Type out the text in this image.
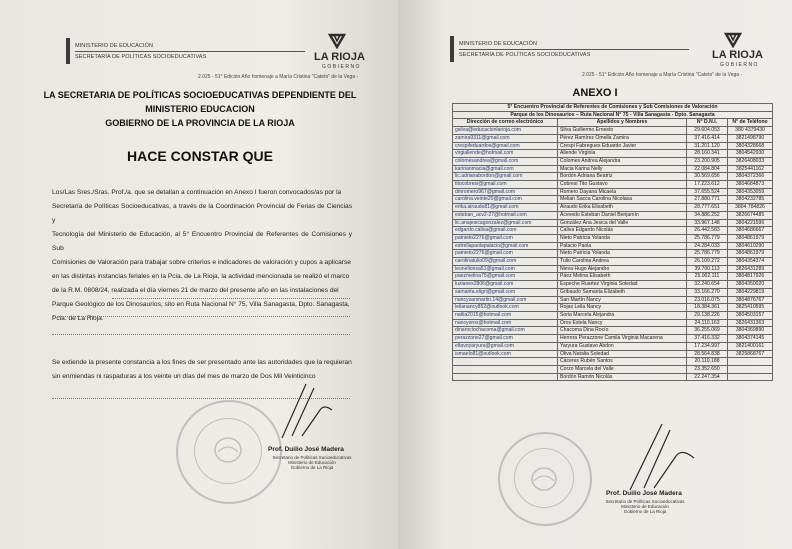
MINISTERIO DE EDUCACIÓN
SECRETARÍA DE POLÍTICAS SOCIOEDUCATIVAS	LA RIOJA
GOBIERNO
2.025 - 51° Edición Año homenaje a María Cristina "Cateto" de la Vega -
LA SECRETARIA DE POLÍTICAS SOCIOEDUCATIVAS DEPENDIENTE DEL
MINISTERIO EDUCACION
GOBIERNO DE LA PROVINCIA DE LA RIOJA
HACE CONSTAR QUE
Los/Las Sres./Sras. Prof./a. que se detallan a continuación en Anexo I fueron convocados/as por la
Secretaría de Políticas Socioeducativas, a través de la Coordinación Provincial de Ferias de Ciencias y
Tecnología del Ministerio de Educación, al 5° Encuentro Provincial de Referentes de Comisiones y Sub
Comisiones de Valoración para trabajar sobre criterios e indicadores de valoración y cupos a aplicarse
en las distintas instancias feriales en la Pcia. de La Rioja, la actividad mencionada se realizó el marco
de la R.M. 0808/24, realizada el día viernes 21 de marzo del presente año en las instalaciones del
Parque Geológico de los Dinosaurios, sito en Ruta Nacional N° 75, Villa Sanagasta, Dpto. Sanagasta,
Pcia. de La Rioja.
Se extiende la presente constancia a los fines de ser presentado ante las autoridades que la requieran
sin enmiendas ni raspaduras a los veinte un días del mes de marzo de Dos Mil Veinticinco
Prof. Duilio José Madera
Secretario de Políticas Socioeducativas
Ministerio de Educación
Gobierno de La Rioja
MINISTERIO DE EDUCACIÓN
SECRETARÍA DE POLÍTICAS SOCIOEDUCATIVAS	LA RIOJA
GOBIERNO
2.025 - 51° Edición Año homenaje a María Cristina "Cateto" de la Vega -
ANEXO I
5° Encuentro Provincial de Referentes de Comisiones y Sub Comisiones de Valoración			
Parque de los Dinosaurios – Ruta Nacional N° 75 - Villa Sanagasta - Dpto. Sanagasta			
Dirección de correo electrónico	Apellidos y Nombres	N° D.N.I.	N° de Teléfono
gsilva@educacionlarioja.com	Silva Guillermo Ernesto	29.604.053	380 4379430
zamira9311@gmail.com	Pérez Ramírez Omella Zamira	37.416.414	3821498790
crespifeduardos@gmail.com	Crespi Fabregues Eduardo Javier	31.201.120	3804328668
virgiallende@hotmail.com	Allende Virginia	28.160.341	3804542930
colomesandrea@gmail.com	Colomes Andrea Alejandra	23.200.905	3826408033
karinanmacia@gmail.com	Macia Karina Nelly	22.084.804	3825441162
lic.adrianabordon@gmail.com	Bordón Adriana Beatriz	30.569.656	3804372366
titocobresi@gmail.com	Cobresi Tito Gustavo	17.223.612	3804684873
dmromero967@gmail.com	Romero Dayana Micaela	37.655.524	3804353059
carolina.veinte20@gmail.com	Melian Sacca Carolina Nicolasa	27.880.771	3804232785
erika.airaudo81@gmail.com	Airaudo Erika Elisabeth	28.777.651	3804 784826
esteban_acv2-27@hotmail.com	Acevedo Esteban Daniel Benjamín	34.886.252	3826674485
lic.anajesicagonzalez@gmail.com	González Ana Jesica del Valle	33.967.148	3804221596
edgardo.caliva@gmail.com	Caliva Edgardo Nicolás	26.442.583	3804686667
patnieto2276@gmail.com	Nieto Patricia Yolanda	25.786.779	3804861979
estrellapaolapalacio@gmail.com	Palacio Paola	24.284.033	3804610290
patnieto2276@gmail.com	Nieto Patricia Yolanda	25.786.779	3804861979
carolinatulio09@gmail.com	Tulio Carolina Andrea	26.109.272	3804354374
leonelionsa51@gmail.com	Nieva Hugo Alejandro	39.700.113	3826431289
paezmelina75@gmail.com	Páez Melina Elisabeth	25.002.111	3804817926
luzianes2806@gmail.com	Espeche Ruartez Virginia Soledad	32.240.654	3804350020
samanta.eligri@gmail.com	Gribaudo Samanta Elizabeth	33.166.270	3804229819
nancysanmartin.14@gmail.com	San Martín Nancy	23.016.075	3804876767
leilanancy852@outlook.com	Rojas Leila Nancy	18.384.361	3825410595
natlia2015@hotmail.com	Soria Marcela Alejandra	29.138.226	3804503157
nancyoros@hotmail.com	Oros Estela Nancy	24.110.163	3826431363
dinarociochacoma@gmail.com	Chacoma Dina Rocío	36.255.069	3804369890
perazzone27@gmail.com	Herrera Perazzone Camila Virginia Macarena	37.416.332	3804374145
eltavoyaryura@gmail.com	Yaryura Gustavo Abdon	17.234.997	3821400161
ismaelo81@outlook.com	Oliva Natalia Soledad	28.564.838	3825868767
	Cáceres Rubén Santos	20.110.188	
	Corzo Marcela del Valle	23.352.650	
	Bordón Ramón Nicolás	22.247.354	
Prof. Duilio José Madera
Secretario de Políticas Socioeducativas
Ministerio de Educación
Gobierno de La Rioja
